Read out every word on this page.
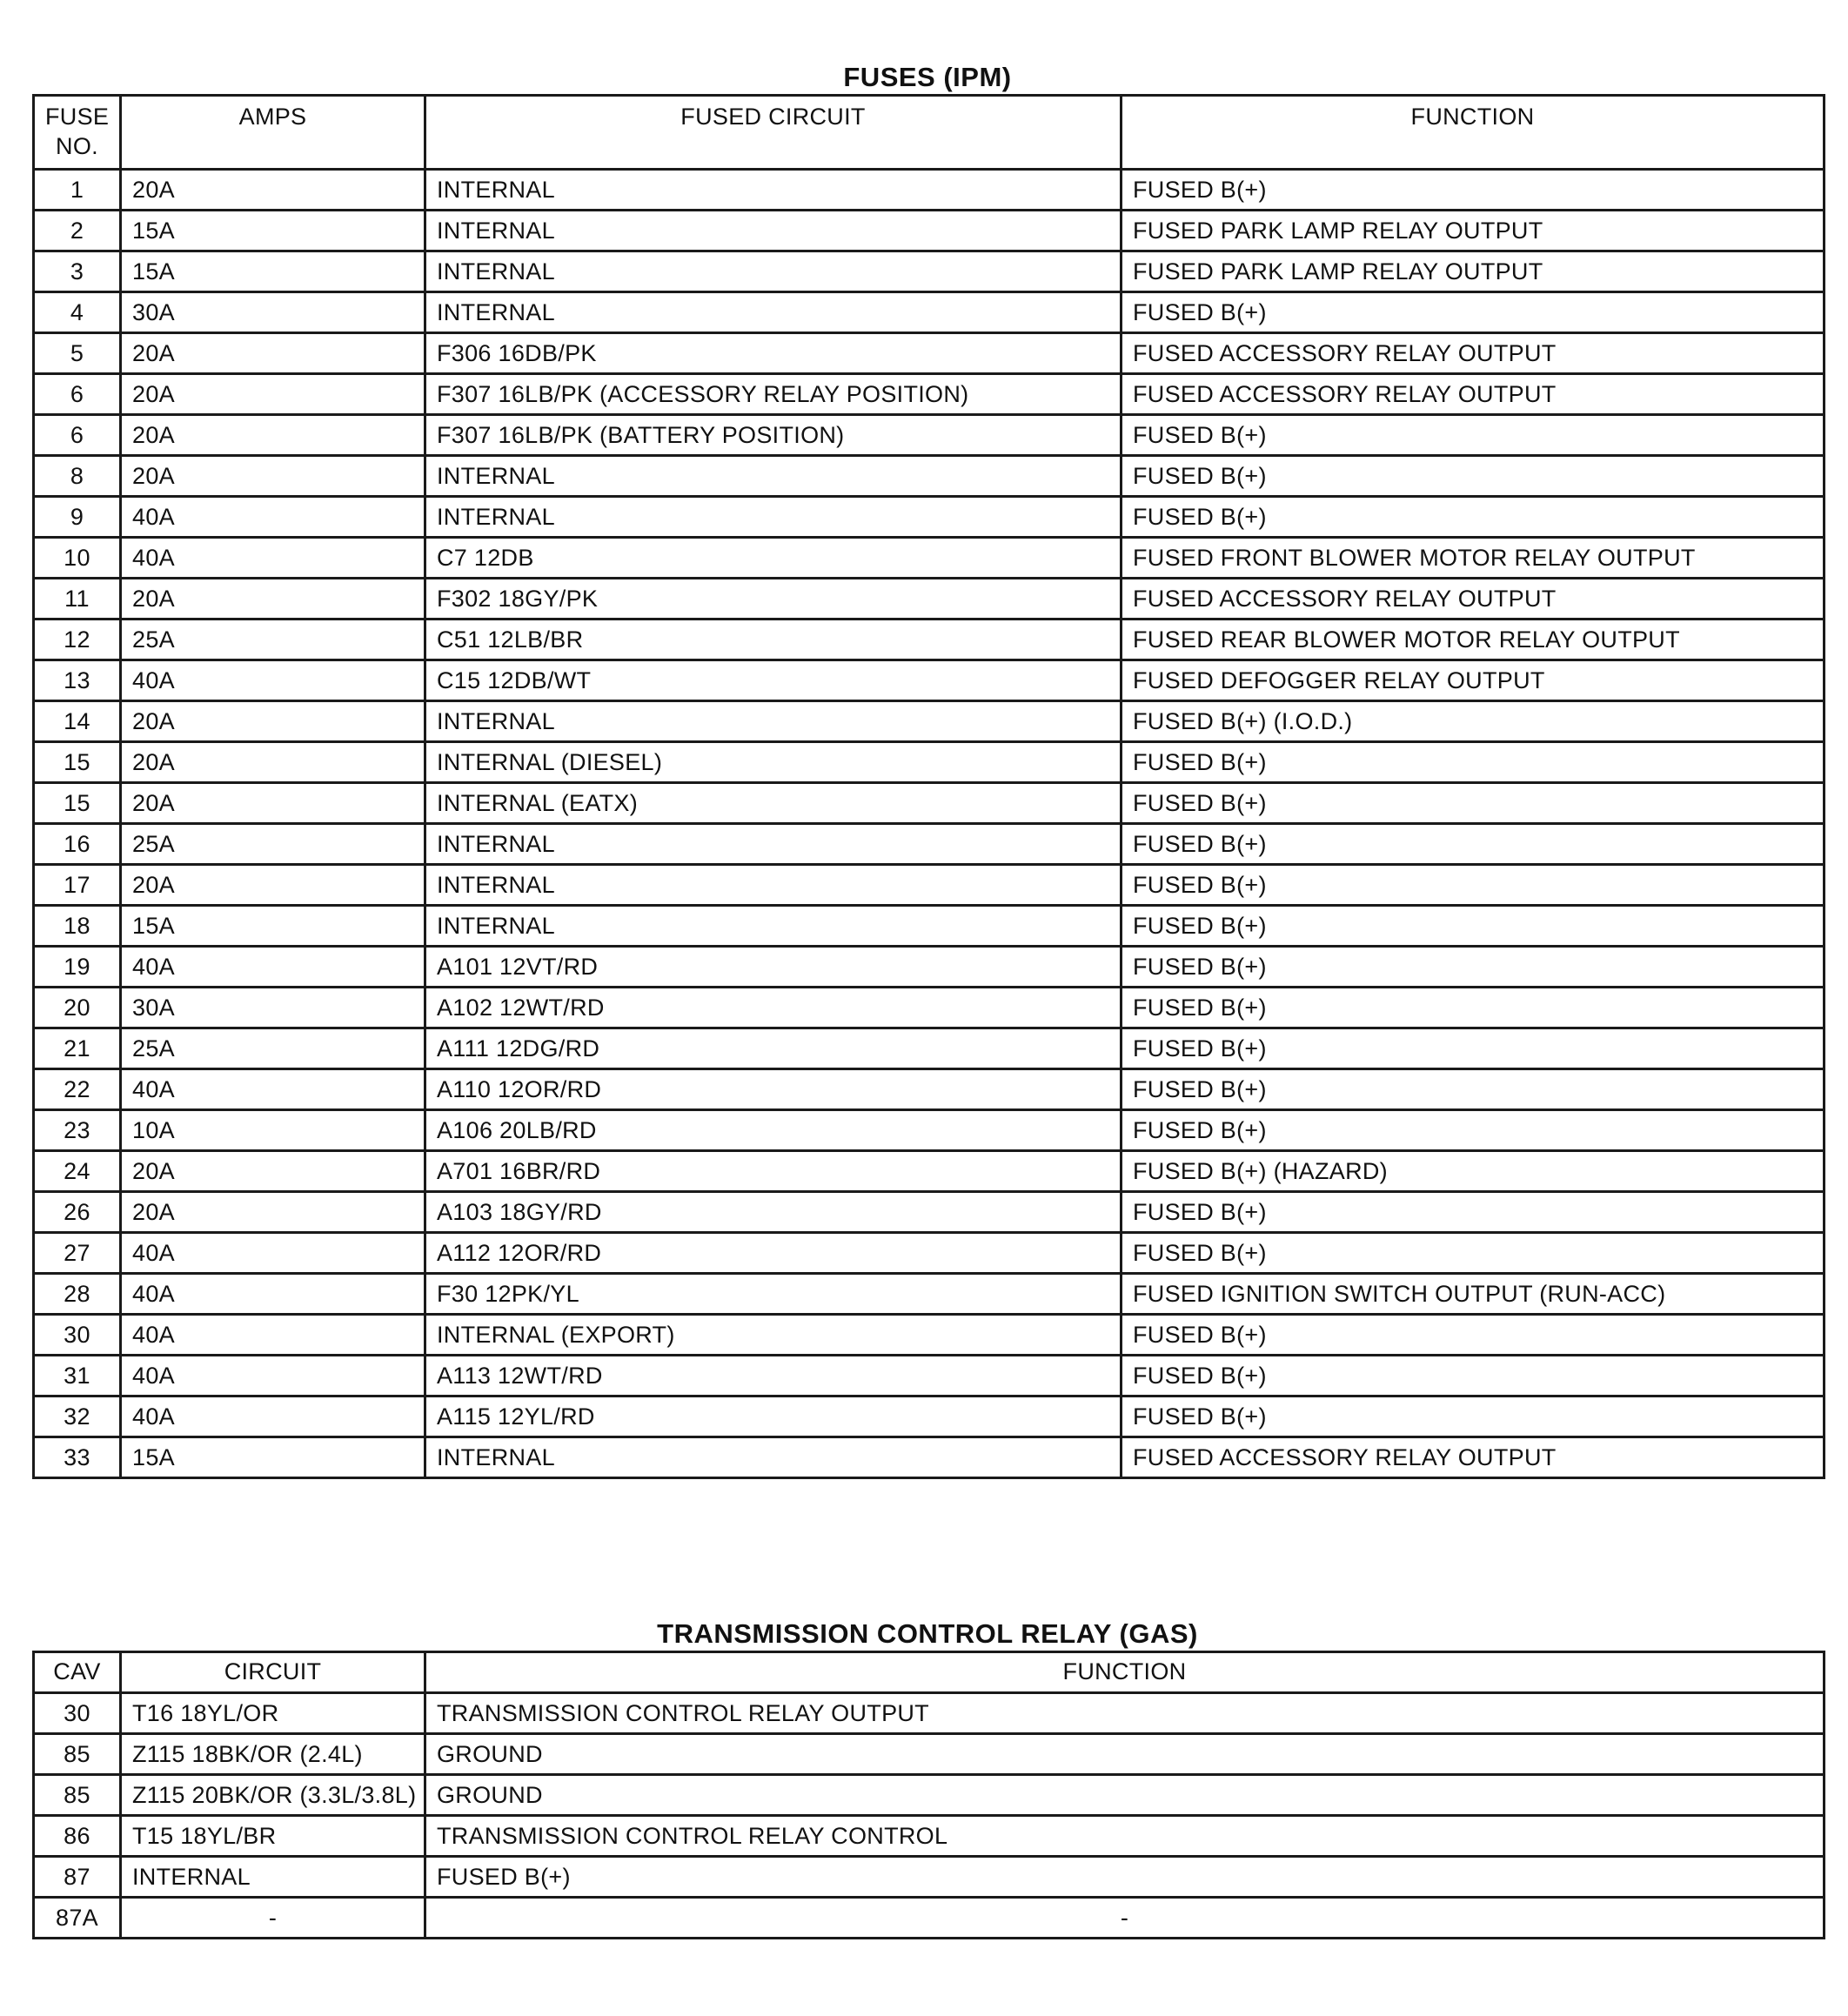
FUSES (IPM)
FUSE
NO.	AMPS	FUSED CIRCUIT	FUNCTION
1	20A	INTERNAL	FUSED B(+)
2	15A	INTERNAL	FUSED PARK LAMP RELAY OUTPUT
3	15A	INTERNAL	FUSED PARK LAMP RELAY OUTPUT
4	30A	INTERNAL	FUSED B(+)
5	20A	F306 16DB/PK	FUSED ACCESSORY RELAY OUTPUT
6	20A	F307 16LB/PK (ACCESSORY RELAY POSITION)	FUSED ACCESSORY RELAY OUTPUT
6	20A	F307 16LB/PK (BATTERY POSITION)	FUSED B(+)
8	20A	INTERNAL	FUSED B(+)
9	40A	INTERNAL	FUSED B(+)
10	40A	C7 12DB	FUSED FRONT BLOWER MOTOR RELAY OUTPUT
11	20A	F302 18GY/PK	FUSED ACCESSORY RELAY OUTPUT
12	25A	C51 12LB/BR	FUSED REAR BLOWER MOTOR RELAY OUTPUT
13	40A	C15 12DB/WT	FUSED DEFOGGER RELAY OUTPUT
14	20A	INTERNAL	FUSED B(+) (I.O.D.)
15	20A	INTERNAL (DIESEL)	FUSED B(+)
15	20A	INTERNAL (EATX)	FUSED B(+)
16	25A	INTERNAL	FUSED B(+)
17	20A	INTERNAL	FUSED B(+)
18	15A	INTERNAL	FUSED B(+)
19	40A	A101 12VT/RD	FUSED B(+)
20	30A	A102 12WT/RD	FUSED B(+)
21	25A	A111 12DG/RD	FUSED B(+)
22	40A	A110 12OR/RD	FUSED B(+)
23	10A	A106 20LB/RD	FUSED B(+)
24	20A	A701 16BR/RD	FUSED B(+) (HAZARD)
26	20A	A103 18GY/RD	FUSED B(+)
27	40A	A112 12OR/RD	FUSED B(+)
28	40A	F30 12PK/YL	FUSED IGNITION SWITCH OUTPUT (RUN-ACC)
30	40A	INTERNAL (EXPORT)	FUSED B(+)
31	40A	A113 12WT/RD	FUSED B(+)
32	40A	A115 12YL/RD	FUSED B(+)
33	15A	INTERNAL	FUSED ACCESSORY RELAY OUTPUT
TRANSMISSION CONTROL RELAY (GAS)
CAV	CIRCUIT	FUNCTION
30	T16 18YL/OR	TRANSMISSION CONTROL RELAY OUTPUT
85	Z115 18BK/OR (2.4L)	GROUND
85	Z115 20BK/OR (3.3L/3.8L)	GROUND
86	T15 18YL/BR	TRANSMISSION CONTROL RELAY CONTROL
87	INTERNAL	FUSED B(+)
87A	-	-
